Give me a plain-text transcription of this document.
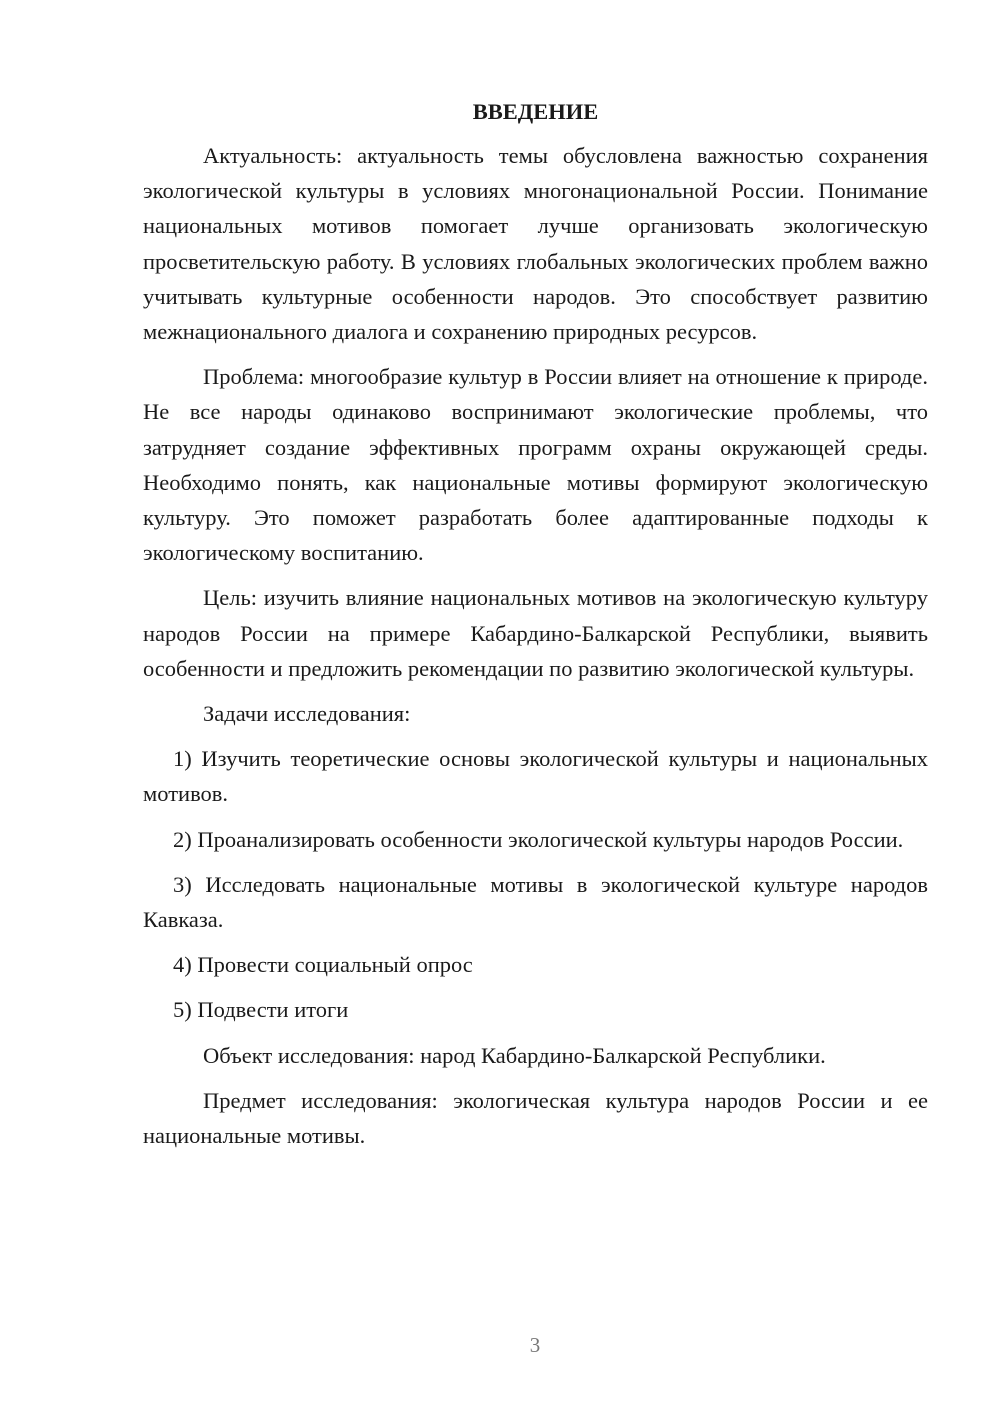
ВВЕДЕНИЕ

Актуальность: актуальность темы обусловлена важностью сохранения экологической культуры в условиях многонациональной России. Понимание национальных мотивов помогает лучше организовать экологическую просветительскую работу. В условиях глобальных экологических проблем важно учитывать культурные особенности народов. Это способствует развитию межнационального диалога и сохранению природных ресурсов.

Проблема: многообразие культур в России влияет на отношение к природе. Не все народы одинаково воспринимают экологические проблемы, что затрудняет создание эффективных программ охраны окружающей среды. Необходимо понять, как национальные мотивы формируют экологическую культуру. Это поможет разработать более адаптированные подходы к экологическому воспитанию.

Цель: изучить влияние национальных мотивов на экологическую культуру народов России на примере Кабардино-Балкарской Республики, выявить особенности и предложить рекомендации по развитию экологической культуры.

Задачи исследования:

1) Изучить теоретические основы экологической культуры и национальных мотивов.

2) Проанализировать особенности экологической культуры народов России.

3) Исследовать национальные мотивы в экологической культуре народов Кавказа.

4) Провести социальный опрос

5) Подвести итоги

Объект исследования: народ Кабардино-Балкарской Республики.

Предмет исследования: экологическая культура народов России и ее национальные мотивы.

3
